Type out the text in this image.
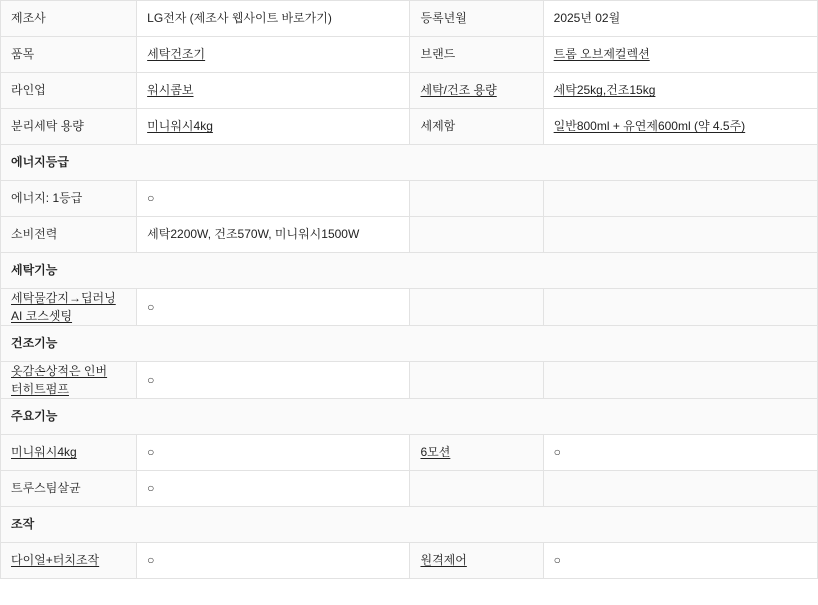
제조사	LG전자 (제조사 웹사이트 바로가기)	등록년월	2025년 02월
품목	세탁건조기	브랜드	트롬 오브제컬렉션
라인업	워시콤보	세탁/건조 용량	세탁25kg,건조15kg
분리세탁 용량	미니워시4kg	세제함	일반800ml + 유연제600ml (약 4.5주)
에너지등급			
에너지: 1등급	○		
소비전력	세탁2200W, 건조570W, 미니워시1500W		
세탁기능			

세탁물감지→딥러닝
AI 코스셋팅	○		
건조기능			

옷감손상적은 인버
터히트펌프	○		
주요기능			
미니워시4kg	○	6모션	○
트루스팀살균	○		
조작			
다이얼+터치조작	○	원격제어	○
